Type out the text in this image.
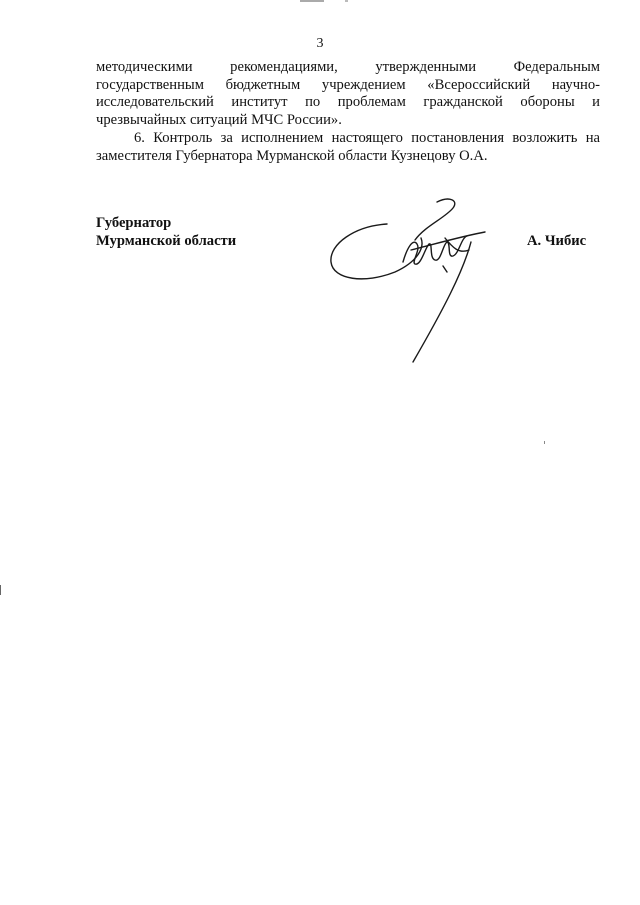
3
методическими рекомендациями, утвержденными Федеральным
государственным бюджетным учреждением «Всероссийский научно-
исследовательский институт по проблемам гражданской обороны и
чрезвычайных ситуаций МЧС России».
6. Контроль за исполнением настоящего постановления возложить на
заместителя Губернатора Мурманской области Кузнецову О.А.
Губернатор
Мурманской области	А. Чибис
